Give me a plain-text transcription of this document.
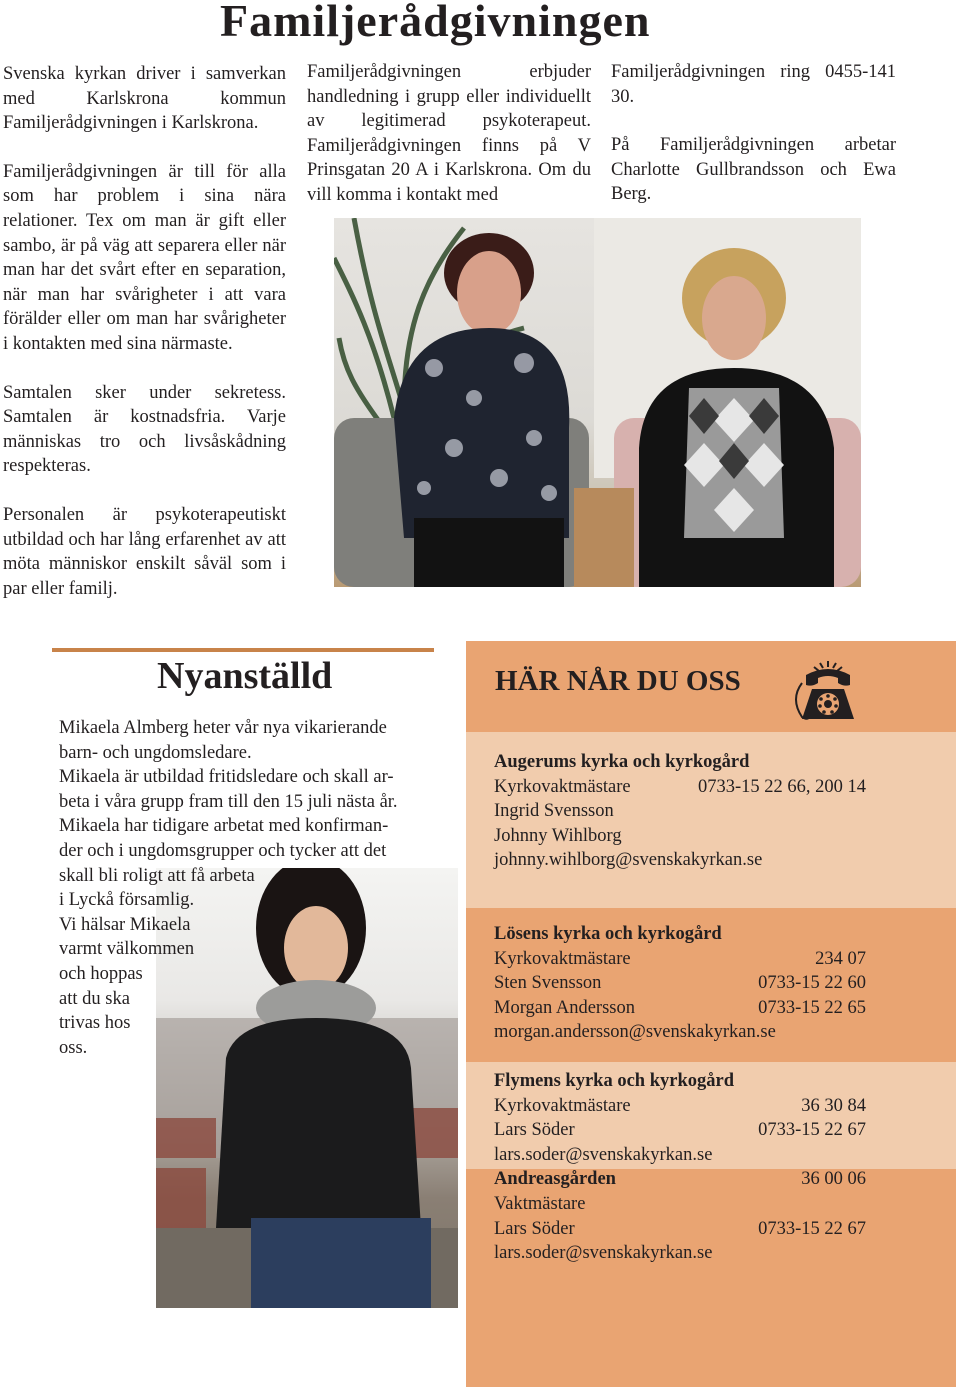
Familjerådgivningen

Svenska kyrkan driver i samverkan med Karlskrona kommun Familjerådgivningen i Karlskrona.

Familjerådgivningen är till för alla som har problem i sina nära relationer. Tex om man är gift eller sambo, är på väg att separera eller när man har det svårt efter en separation, när man har svårigheter i att vara förälder eller om man har svårigheter i kontakten med sina närmaste.

Samtalen sker under sekretess. Samtalen är kostnadsfria. Varje människas tro och livsåskådning respekteras.

Personalen är psykoterapeutiskt utbildad och har lång erfarenhet av att möta människor enskilt såväl som i par eller familj.

Familjerådgivningen erbjuder handledning i grupp eller individuellt av legitimerad psykoterapeut. Familjerådgivningen finns på V Prinsgatan 20 A i Karlskrona. Om du vill komma i kontakt med

Familjerådgivningen ring 0455-141 30.

På Familjerådgivningen arbetar Charlotte Gullbrandsson och Ewa Berg.

Nyanställd
Mikaela Almberg heter vår nya vikarierande
barn- och ungdomsledare.
Mikaela är utbildad fritidsledare och skall ar-
beta i våra grupp fram till den 15 juli nästa år.
Mikaela har tidigare arbetat med konfirman-
der och i ungdomsgrupper och tycker att det
skall bli roligt att få arbeta
i Lyckå församlig.
Vi hälsar Mikaela
varmt välkommen
och hoppas
att du ska
trivas hos
oss.
HÄR NÅR DU OSS
Augerums kyrka och kyrkogård
Kyrkovaktmästare	0733-15 22 66, 200 14
Ingrid Svensson
Johnny Wihlborg
johnny.wihlborg@svenskakyrkan.se
Lösens kyrka och kyrkogård
Kyrkovaktmästare	234 07
Sten Svensson	0733-15 22 60
Morgan Andersson	0733-15 22 65
morgan.andersson@svenskakyrkan.se
Flymens kyrka och kyrkogård
Kyrkovaktmästare	36 30 84
Lars Söder	0733-15 22 67
lars.soder@svenskakyrkan.se
Andreasgården	36 00 06
Vaktmästare
Lars Söder	0733-15 22 67
lars.soder@svenskakyrkan.se
